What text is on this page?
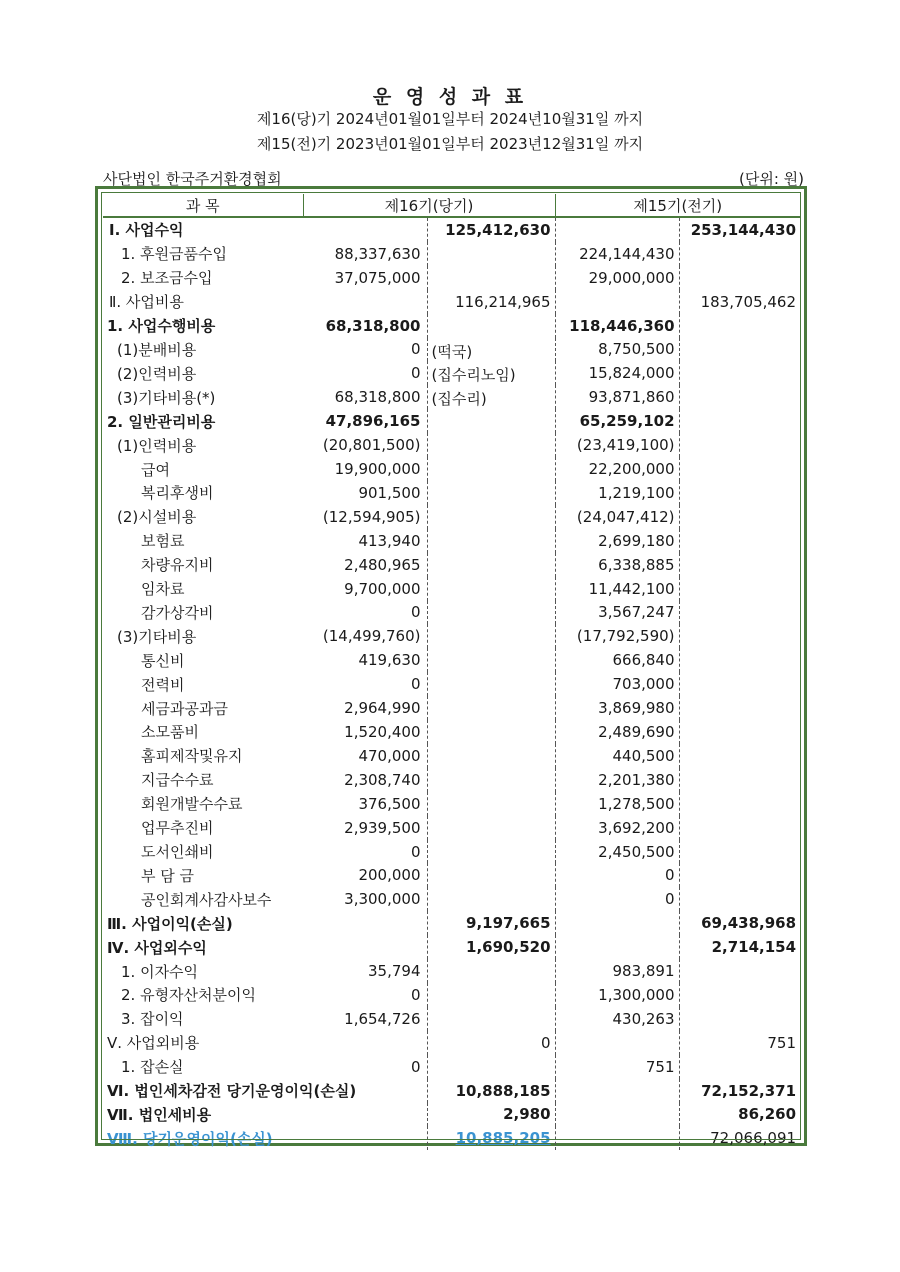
운 영 성 과 표
제16(당)기 2024년01월01일부터 2024년10월31일 까지
제15(전)기 2023년01월01일부터 2023년12월31일 까지
사단법인 한국주거환경협회	(단위: 원)
과 목	제16기(당기)		제15기(전기)	
Ⅰ. 사업수익		125,412,630		253,144,430
1. 후원금품수입	88,337,630		224,144,430	
2. 보조금수입	37,075,000		29,000,000	
Ⅱ. 사업비용		116,214,965		183,705,462
1. 사업수행비용	68,318,800		118,446,360	
(1)분배비용	0	(떡국)	8,750,500	
(2)인력비용	0	(집수리노임)	15,824,000	
(3)기타비용(*)	68,318,800	(집수리)	93,871,860	
2. 일반관리비용	47,896,165		65,259,102	
(1)인력비용	(20,801,500)		(23,419,100)	
급여	19,900,000		22,200,000	
복리후생비	901,500		1,219,100	
(2)시설비용	(12,594,905)		(24,047,412)	
보험료	413,940		2,699,180	
차량유지비	2,480,965		6,338,885	
임차료	9,700,000		11,442,100	
감가상각비	0		3,567,247	
(3)기타비용	(14,499,760)		(17,792,590)	
통신비	419,630		666,840	
전력비	0		703,000	
세금과공과금	2,964,990		3,869,980	
소모품비	1,520,400		2,489,690	
홈피제작및유지	470,000		440,500	
지급수수료	2,308,740		2,201,380	
회원개발수수료	376,500		1,278,500	
업무추진비	2,939,500		3,692,200	
도서인쇄비	0		2,450,500	
부 담 금	200,000		0	
공인회계사감사보수	3,300,000		0	
Ⅲ. 사업이익(손실)		9,197,665		69,438,968
Ⅳ. 사업외수익		1,690,520		2,714,154
1. 이자수익	35,794		983,891	
2. 유형자산처분이익	0		1,300,000	
3. 잡이익	1,654,726		430,263	
Ⅴ. 사업외비용		0		751
1. 잡손실	0		751	
Ⅵ. 법인세차감전 당기운영이익(손실)		10,888,185		72,152,371
Ⅶ. 법인세비용		2,980		86,260
Ⅷ. 당기운영이익(손실)		10,885,205		72,066,091
